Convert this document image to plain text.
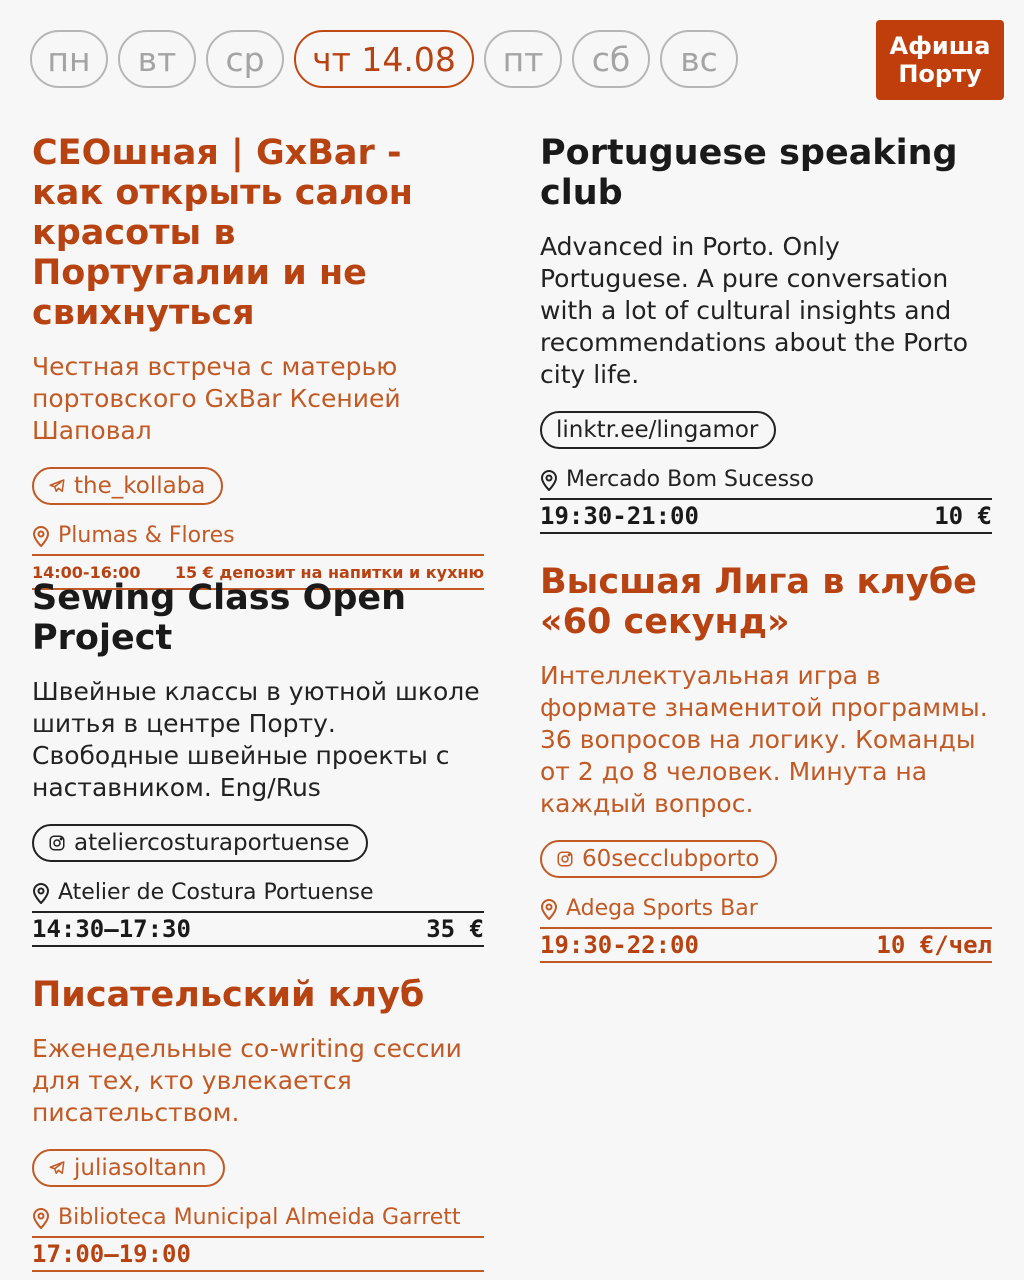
пн	вт	ср	чт 14.08	пт	сб	вс	Афиша
Порту
СЕОшная | GxBar - как открыть салон красоты в Португалии и не свихнуться
Честная встреча с матерью портовского GxBar Ксенией Шаповал
the_kollaba
Plumas & Flores
14:00-16:00 15 € депозит на напитки и кухню
Sewing Class Open Project
Швейные классы в уютной школе шитья в центре Порту. Свободные швейные проекты с наставником. Eng/Rus
ateliercosturaportuense
Atelier de Costura Portuense
14:30–17:30	35 €
Писательский клуб
Еженедельные co-writing сессии для тех, кто увлекается писательством.
juliasoltann
Biblioteca Municipal Almeida Garrett
17:00–19:00
Portuguese speaking club
Advanced in Porto. Only Portuguese. A pure conversation with a lot of cultural insights and recommendations about the Porto city life.
linktr.ee/lingamor
Mercado Bom Sucesso
19:30-21:00	10 €
Высшая Лига в клубе «60 секунд»
Интеллектуальная игра в формате знаменитой программы. 36 вопросов на логику. Команды от 2 до 8 человек. Минута на каждый вопрос.
60secclubporto
Adega Sports Bar
19:30-22:00	10 €/чел
